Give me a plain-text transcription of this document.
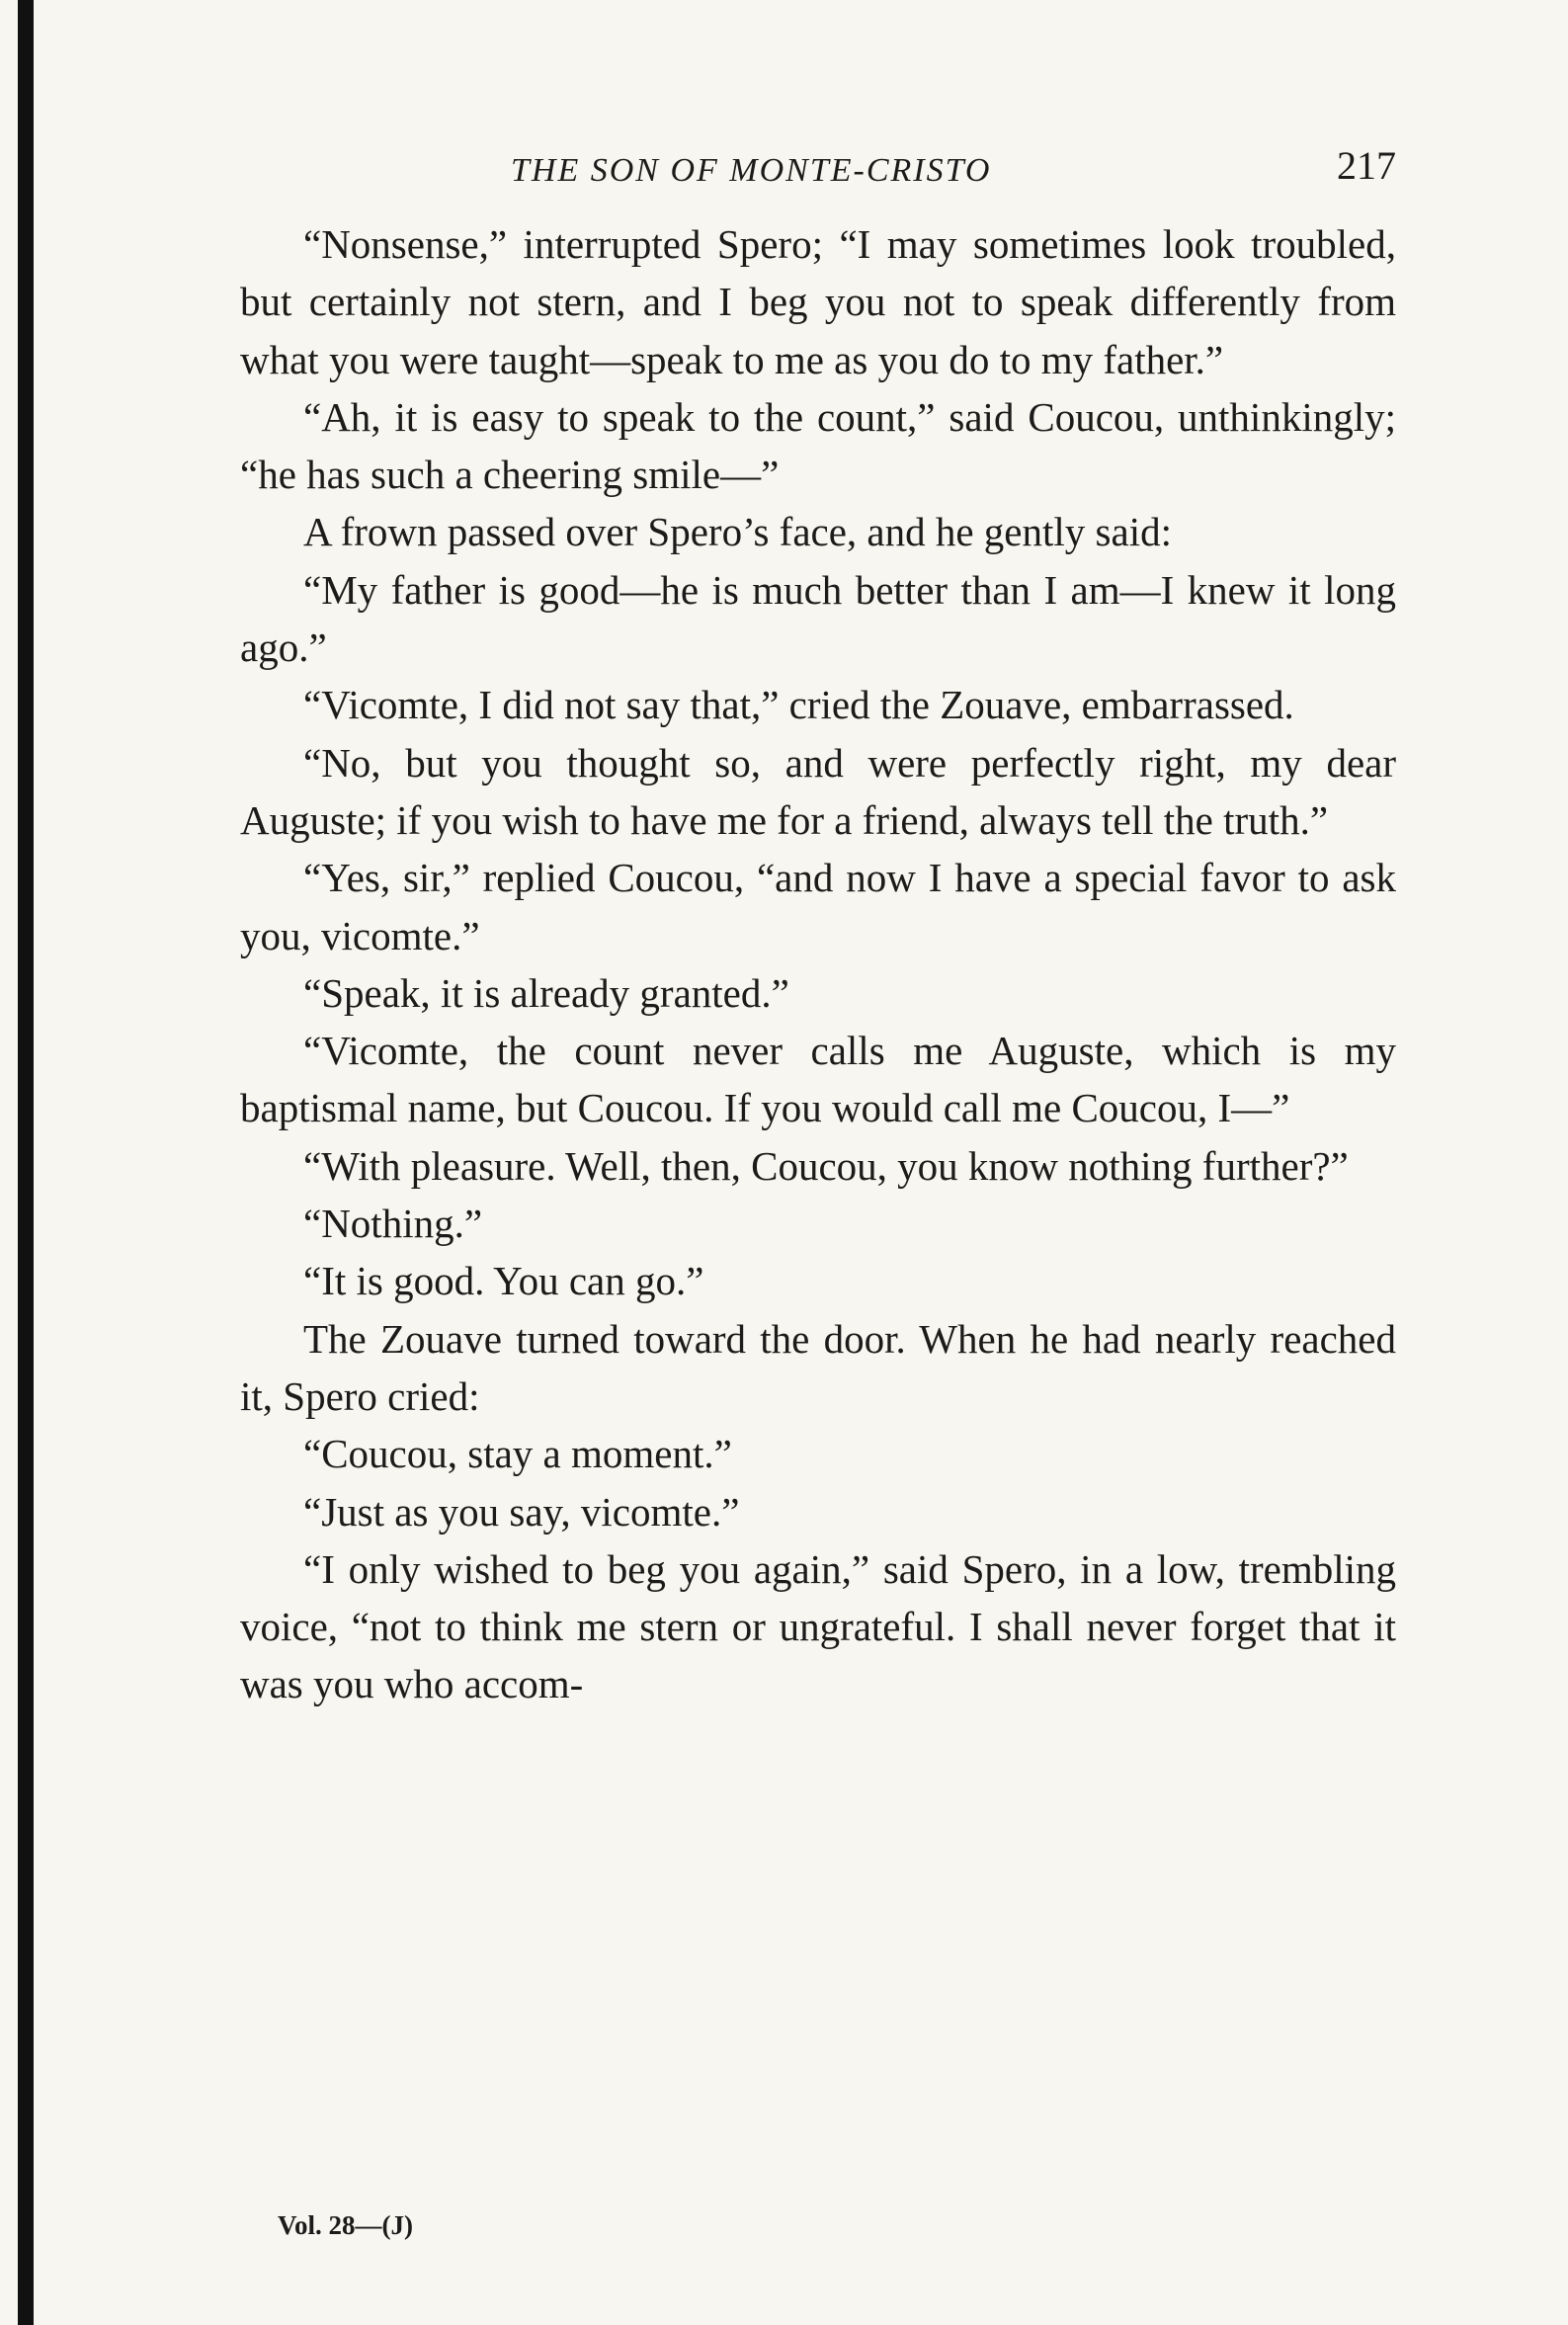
THE SON OF MONTE-CRISTO	217

“Nonsense,” interrupted Spero; “I may sometimes look troubled, but certainly not stern, and I beg you not to speak differently from what you were taught—speak to me as you do to my father.”

“Ah, it is easy to speak to the count,” said Coucou, unthinkingly; “he has such a cheering smile—”

A frown passed over Spero’s face, and he gently said:

“My father is good—he is much better than I am—I knew it long ago.”

“Vicomte, I did not say that,” cried the Zouave, embarrassed.

“No, but you thought so, and were perfectly right, my dear Auguste; if you wish to have me for a friend, always tell the truth.”

“Yes, sir,” replied Coucou, “and now I have a special favor to ask you, vicomte.”

“Speak, it is already granted.”

“Vicomte, the count never calls me Auguste, which is my baptismal name, but Coucou. If you would call me Coucou, I—”

“With pleasure. Well, then, Coucou, you know nothing further?”

“Nothing.”

“It is good. You can go.”

The Zouave turned toward the door. When he had nearly reached it, Spero cried:

“Coucou, stay a moment.”

“Just as you say, vicomte.”

“I only wished to beg you again,” said Spero, in a low, trembling voice, “not to think me stern or ungrateful. I shall never forget that it was you who accom-

Vol. 28—(J)
